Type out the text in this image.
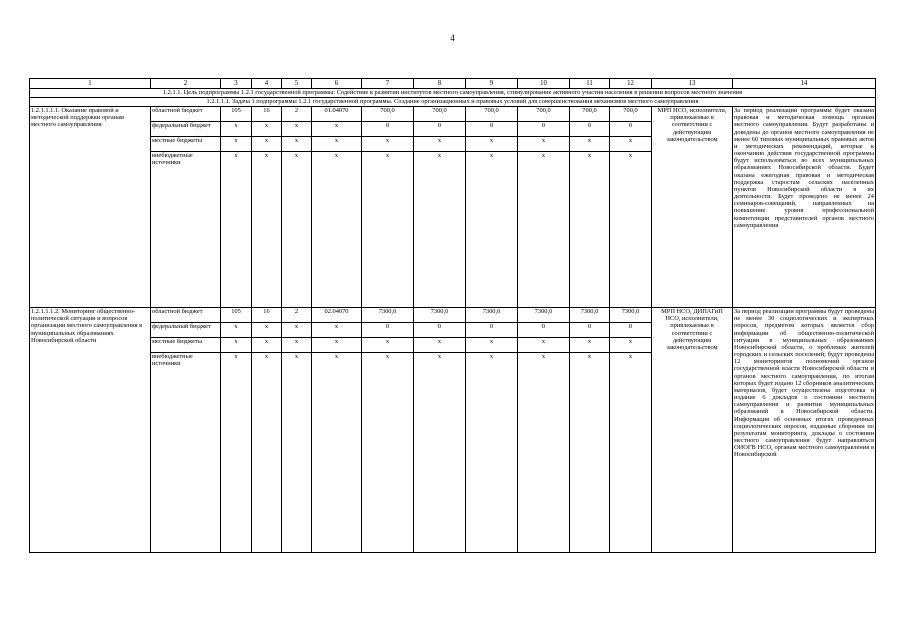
4
1	2	3	4	5	6	7	8	9	10	11	12	13	14
1.2.1.1. Цель подпрограммы 1.2.1 государственной программы: Содействие в развитии институтов местного самоуправления, стимулирование активного участия населения в решении вопросов местного значения													
1.2.1.1.1. Задача 1 подпрограммы 1.2.1 государственной программы. Создание организационных и правовых условий для совершенствования механизмов местного самоуправления													
1.2.1.1.1.1. Оказание правовой и методической поддержки органам местного самоуправления	областной бюджет	105	16	2	01.04070	700,0	700,0	700,0	700,0	700,0	700,0	МРП НСО, исполнители, привлекаемые в соответствии с действующим законодательством	За период реализации программы будет оказана правовая и методическая помощь органам местного самоуправления. Будут разработаны и доведены до органов местного самоуправления не менее 60 типовых муниципальных правовых актов и методических рекомендаций, которые к окончанию действия государственной программы будут использоваться во всех муниципальных образованиях Новосибирской области. Будет оказана ежегодная правовая и методическая поддержка старостам сельских населенных пунктов Новосибирской области в их деятельности. Будет проведено не менее 24 семинаров-совещаний, направленных на повышение уровня профессиональной компетенции представителей органов местного самоуправления
	федеральный бюджет	х	х	х	х	0	0	0	0	0	0		
	местные бюджеты	х	х	х	х	х	х	х	х	х	х		
	внебюджетные источники	х	х	х	х	х	х	х	х	х	х		
1.2.1.1.1.2. Мониторинг общественно-политической ситуации и вопросов организации местного самоуправления в муниципальных образованиях Новосибирской области	областной бюджет	105	16	2	02.04070	7300,0	7300,0	7300,0	7300,0	7300,0	7300,0	МРП НСО, ДИПАГиП НСО, исполнители, привлекаемые в соответствии с действующим законодательством	За период реализации программы будут проведены не менее 30 социологических и экспертных опросов, предметом которых является сбор информации об общественно-политической ситуации в муниципальных образованиях Новосибирской области, о проблемах жителей городских и сельских поселений; будут проведены 12 мониторингов полномочий органов государственной власти Новосибирской области и органов местного самоуправления, по итогам которых будет издано 12 сборников аналитических материалов, будет осуществлена подготовка и издание 6 докладов о состоянии местного самоуправления и развитии муниципальных образований в Новосибирской области. Информация об основных итогах проведенных социологических опросов, изданные сборники по результатам мониторинга, доклады о состоянии местного самоуправления будут направляться ОИОГВ НСО, органам местного самоуправления в Новосибирской
	федеральный бюджет	х	х	х	х	0	0	0	0	0	0		
	местные бюджеты	х	х	х	х	х	х	х	х	х	х		
	внебюджетные источники	х	х	х	х	х	х	х	х	х	х		
